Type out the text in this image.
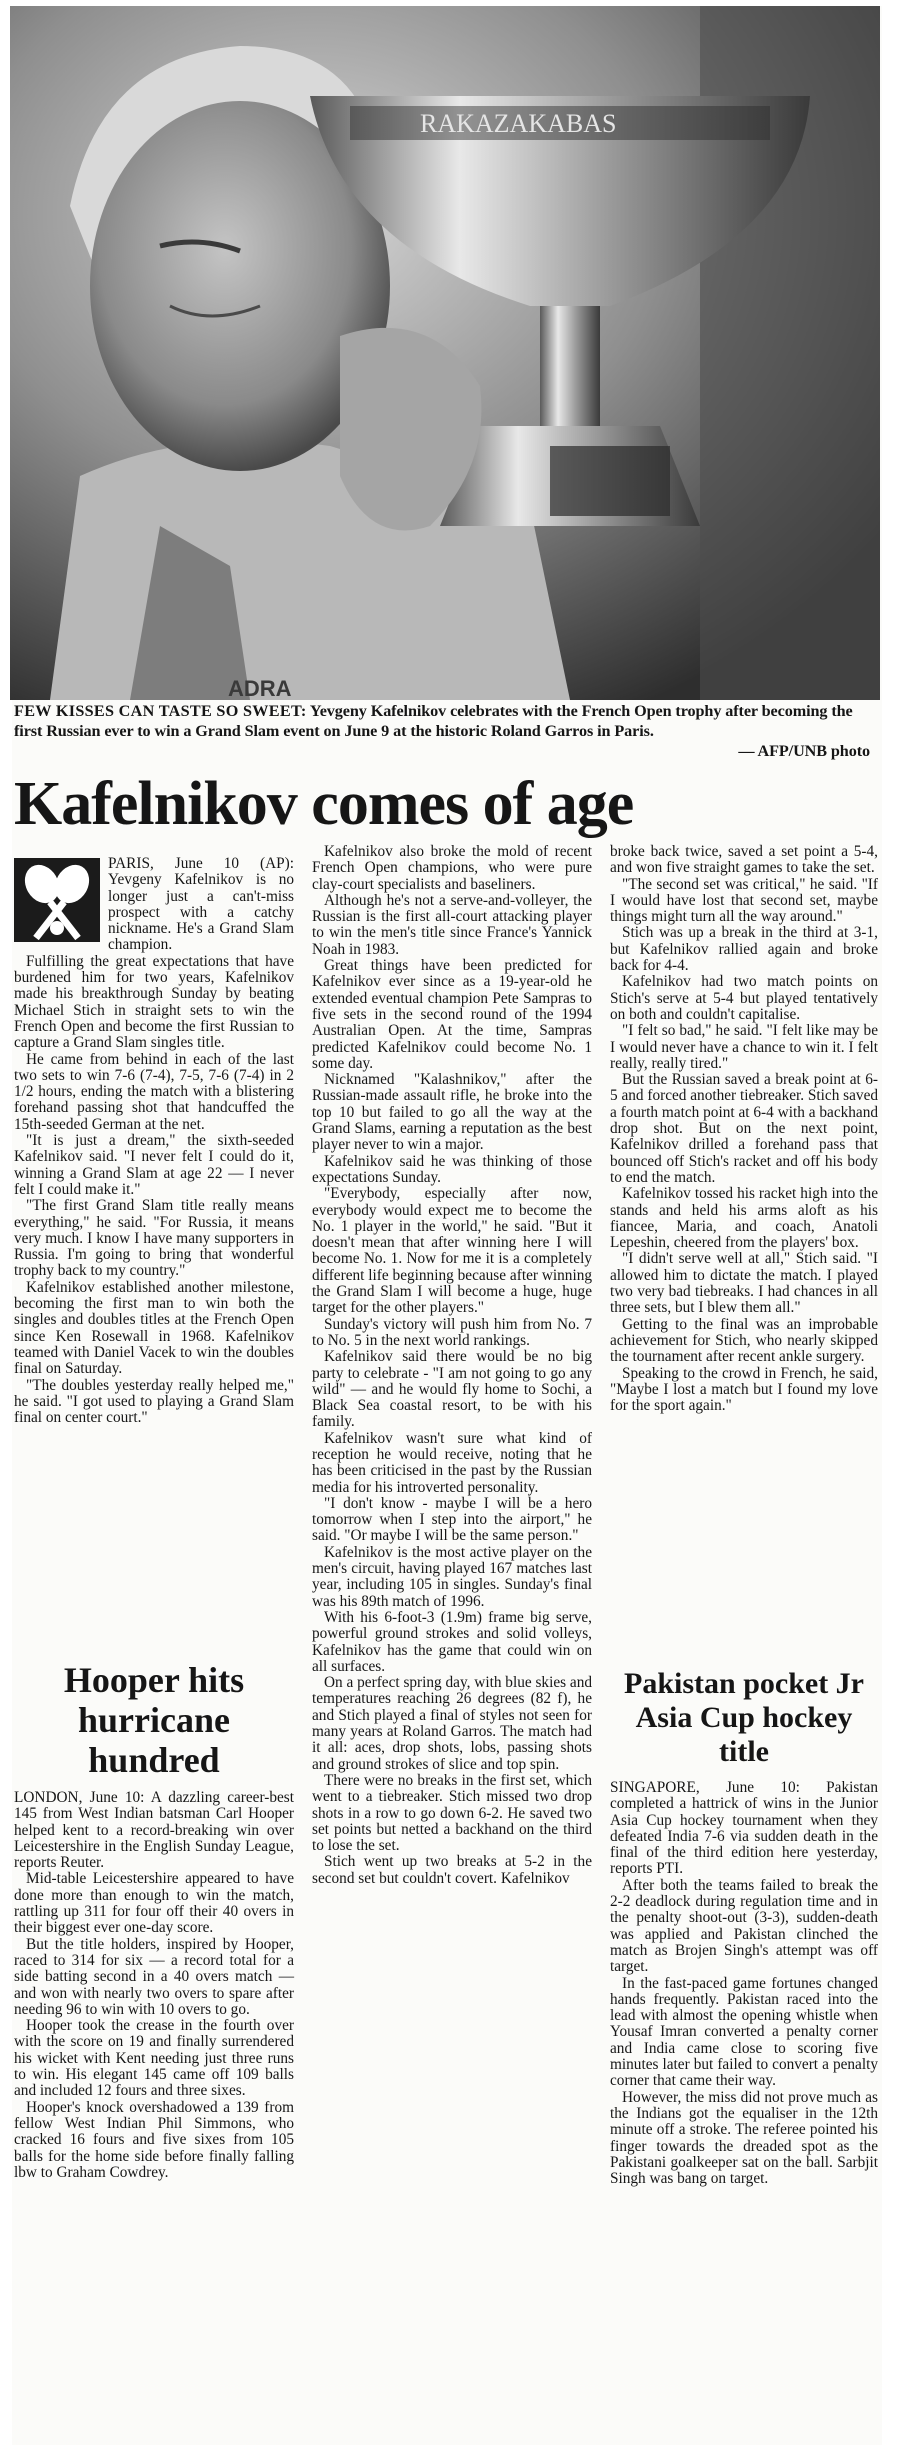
RAKAZAKABAS
ADRA
FEW KISSES CAN TASTE SO SWEET: Yevgeny Kafelnikov celebrates with the French Open trophy after becoming the first Russian ever to win a Grand Slam event on June 9 at the historic Roland Garros in Paris.
— AFP/UNB photo
Kafelnikov comes of age

PARIS, June 10 (AP): Yevgeny Kafelnikov is no longer just a can't-miss prospect with a catchy nickname. He's a Grand Slam champion.

Fulfilling the great expectations that have burdened him for two years, Kafelnikov made his breakthrough Sunday by beating Michael Stich in straight sets to win the French Open and become the first Russian to capture a Grand Slam singles title.

He came from behind in each of the last two sets to win 7-6 (7-4), 7-5, 7-6 (7-4) in 2 1/2 hours, ending the match with a blistering forehand passing shot that handcuffed the 15th-seeded German at the net.

"It is just a dream," the sixth-seeded Kafelnikov said. "I never felt I could do it, winning a Grand Slam at age 22 — I never felt I could make it."

"The first Grand Slam title really means everything," he said. "For Russia, it means very much. I know I have many supporters in Russia. I'm going to bring that wonderful trophy back to my country."

Kafelnikov established another milestone, becoming the first man to win both the singles and doubles titles at the French Open since Ken Rosewall in 1968. Kafelnikov teamed with Daniel Vacek to win the doubles final on Saturday.

"The doubles yesterday really helped me," he said. "I got used to playing a Grand Slam final on center court."

Hooper hits hurricane hundred

LONDON, June 10: A dazzling career-best 145 from West Indian batsman Carl Hooper helped kent to a record-breaking win over Leicestershire in the English Sunday League, reports Reuter.

Mid-table Leicestershire appeared to have done more than enough to win the match, rattling up 311 for four off their 40 overs in their biggest ever one-day score.

But the title holders, inspired by Hooper, raced to 314 for six — a record total for a side batting second in a 40 overs match — and won with nearly two overs to spare after needing 96 to win with 10 overs to go.

Hooper took the crease in the fourth over with the score on 19 and finally surrendered his wicket with Kent needing just three runs to win. His elegant 145 came off 109 balls and included 12 fours and three sixes.

Hooper's knock overshadowed a 139 from fellow West Indian Phil Simmons, who cracked 16 fours and five sixes from 105 balls for the home side before finally falling lbw to Graham Cowdrey.

Kafelnikov also broke the mold of recent French Open champions, who were pure clay-court specialists and baseliners.

Although he's not a serve-and-volleyer, the Russian is the first all-court attacking player to win the men's title since France's Yannick Noah in 1983.

Great things have been predicted for Kafelnikov ever since as a 19-year-old he extended eventual champion Pete Sampras to five sets in the second round of the 1994 Australian Open. At the time, Sampras predicted Kafelnikov could become No. 1 some day.

Nicknamed "Kalashnikov," after the Russian-made assault rifle, he broke into the top 10 but failed to go all the way at the Grand Slams, earning a reputation as the best player never to win a major.

Kafelnikov said he was thinking of those expectations Sunday.

"Everybody, especially after now, everybody would expect me to become the No. 1 player in the world," he said. "But it doesn't mean that after winning here I will become No. 1. Now for me it is a completely different life beginning because after winning the Grand Slam I will become a huge, huge target for the other players."

Sunday's victory will push him from No. 7 to No. 5 in the next world rankings.

Kafelnikov said there would be no big party to celebrate - "I am not going to go any wild" — and he would fly home to Sochi, a Black Sea coastal resort, to be with his family.

Kafelnikov wasn't sure what kind of reception he would receive, noting that he has been criticised in the past by the Russian media for his introverted personality.

"I don't know - maybe I will be a hero tomorrow when I step into the airport," he said. "Or maybe I will be the same person."

Kafelnikov is the most active player on the men's circuit, having played 167 matches last year, including 105 in singles. Sunday's final was his 89th match of 1996.

With his 6-foot-3 (1.9m) frame big serve, powerful ground strokes and solid volleys, Kafelnikov has the game that could win on all surfaces.

On a perfect spring day, with blue skies and temperatures reaching 26 degrees (82 f), he and Stich played a final of styles not seen for many years at Roland Garros. The match had it all: aces, drop shots, lobs, passing shots and ground strokes of slice and top spin.

There were no breaks in the first set, which went to a tiebreaker. Stich missed two drop shots in a row to go down 6-2. He saved two set points but netted a backhand on the third to lose the set.

Stich went up two breaks at 5-2 in the second set but couldn't covert. Kafelnikov

broke back twice, saved a set point a 5-4, and won five straight games to take the set.

"The second set was critical," he said. "If I would have lost that second set, maybe things might turn all the way around."

Stich was up a break in the third at 3-1, but Kafelnikov rallied again and broke back for 4-4.

Kafelnikov had two match points on Stich's serve at 5-4 but played tentatively on both and couldn't capitalise.

"I felt so bad," he said. "I felt like may be I would never have a chance to win it. I felt really, really tired."

But the Russian saved a break point at 6-5 and forced another tiebreaker. Stich saved a fourth match point at 6-4 with a backhand drop shot. But on the next point, Kafelnikov drilled a forehand pass that bounced off Stich's racket and off his body to end the match.

Kafelnikov tossed his racket high into the stands and held his arms aloft as his fiancee, Maria, and coach, Anatoli Lepeshin, cheered from the players' box.

"I didn't serve well at all," Stich said. "I allowed him to dictate the match. I played two very bad tiebreaks. I had chances in all three sets, but I blew them all."

Getting to the final was an improbable achievement for Stich, who nearly skipped the tournament after recent ankle surgery.

Speaking to the crowd in French, he said, "Maybe I lost a match but I found my love for the sport again."

Pakistan pocket Jr Asia Cup hockey title

SINGAPORE, June 10: Pakistan completed a hattrick of wins in the Junior Asia Cup hockey tournament when they defeated India 7-6 via sudden death in the final of the third edition here yesterday, reports PTI.

After both the teams failed to break the 2-2 deadlock during regulation time and in the penalty shoot-out (3-3), sudden-death was applied and Pakistan clinched the match as Brojen Singh's attempt was off target.

In the fast-paced game fortunes changed hands frequently. Pakistan raced into the lead with almost the opening whistle when Yousaf Imran converted a penalty corner and India came close to scoring five minutes later but failed to convert a penalty corner that came their way.

However, the miss did not prove much as the Indians got the equaliser in the 12th minute off a stroke. The referee pointed his finger towards the dreaded spot as the Pakistani goalkeeper sat on the ball. Sarbjit Singh was bang on target.
